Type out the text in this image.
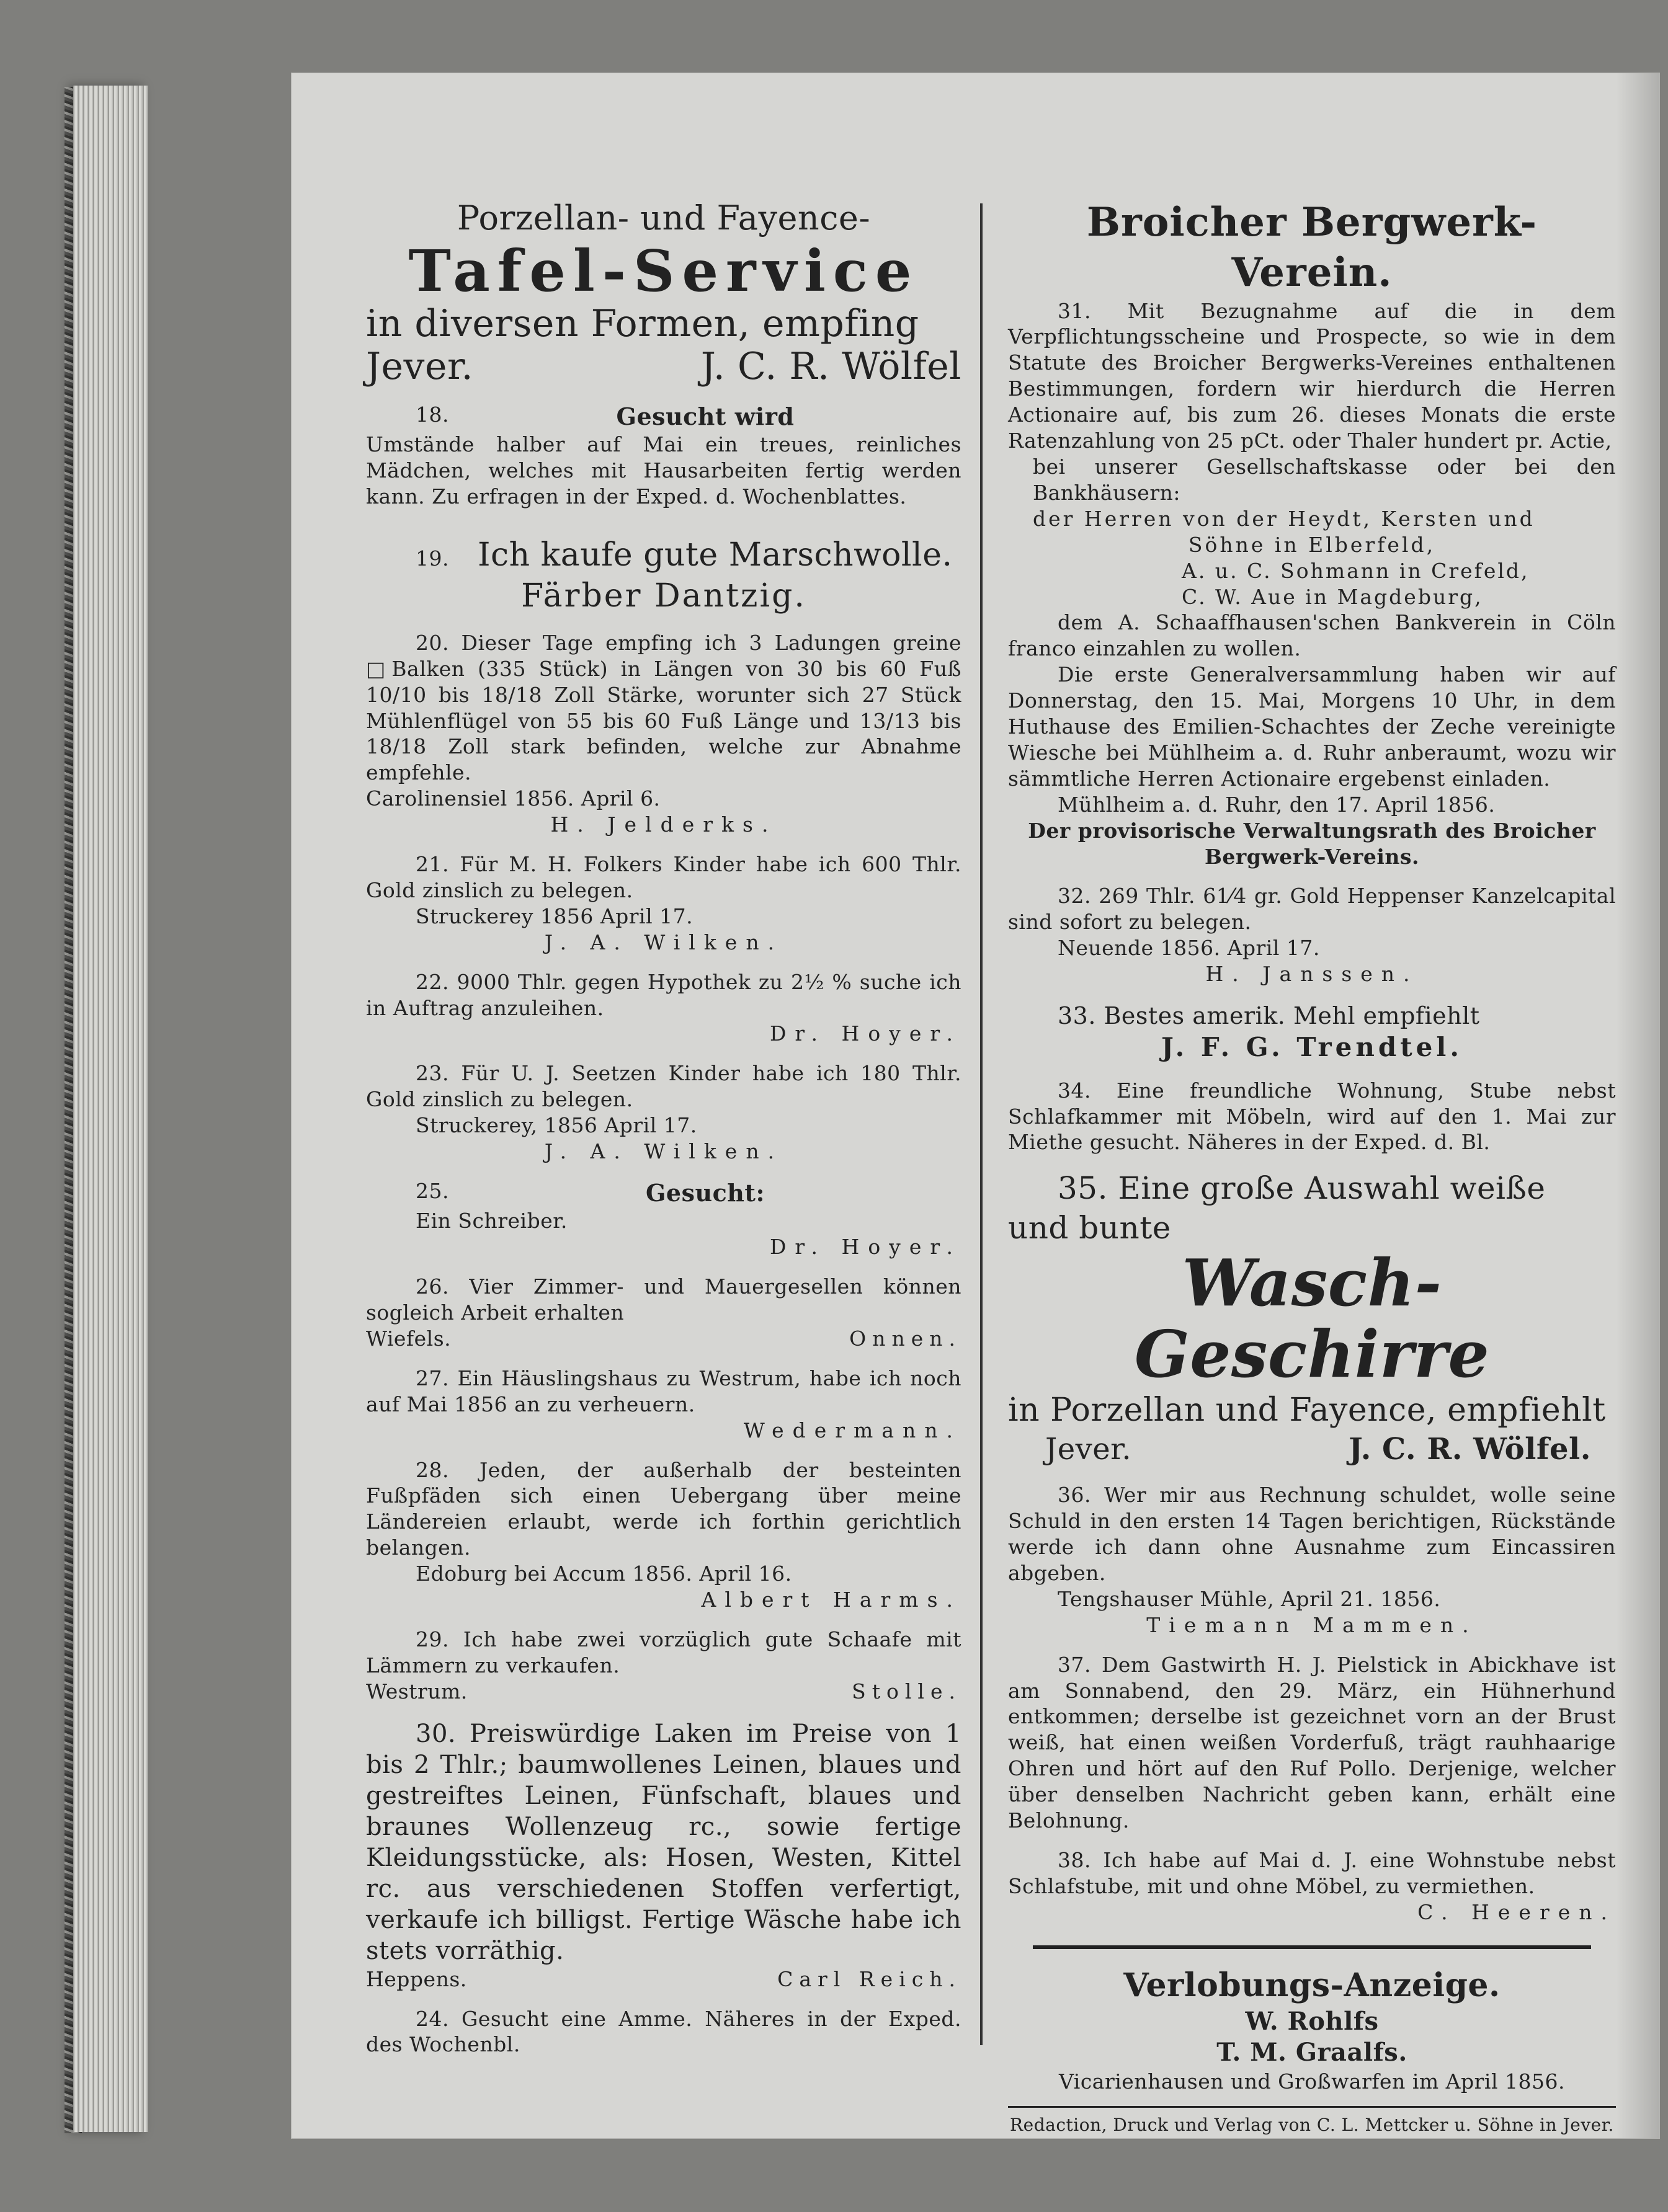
Porzellan- und Fayence-
Tafel-Service
in diversen Formen, empfing
Jever.	J. C. R. Wölfel
18.	Gesucht wird

Umstände halber auf Mai ein treues, reinliches Mädchen, welches mit Hausarbeiten fertig werden kann. Zu erfragen in der Exped. d. Wochenblattes.

19. Ich kaufe gute Marschwolle.
Färber Dantzig.

20. Dieser Tage empfing ich 3 Ladungen greine □Balken (335 Stück) in Längen von 30 bis 60 Fuß 10/10 bis 18/18 Zoll Stärke, worunter sich 27 Stück Mühlenflügel von 55 bis 60 Fuß Länge und 13/13 bis 18/18 Zoll stark befinden, welche zur Abnahme empfehle.

Carolinensiel 1856. April 6.

H. Jelderks.

21. Für M. H. Folkers Kinder habe ich 600 Thlr. Gold zinslich zu belegen.

Struckerey 1856 April 17.

J. A. Wilken.

22. 9000 Thlr. gegen Hypothek zu 2½ % suche ich in Auftrag anzuleihen.

Dr. Hoyer.

23. Für U. J. Seetzen Kinder habe ich 180 Thlr. Gold zinslich zu belegen.

Struckerey, 1856 April 17.

J. A. Wilken.

25.	Gesucht:

Ein Schreiber.

Dr. Hoyer.

26. Vier Zimmer- und Mauergesellen können sogleich Arbeit erhalten

Wiefels.	Onnen.

27. Ein Häuslingshaus zu Westrum, habe ich noch auf Mai 1856 an zu verheuern.

Wedermann.

28. Jeden, der außerhalb der besteinten Fußpfäden sich einen Uebergang über meine Ländereien erlaubt, werde ich forthin gerichtlich belangen.

Edoburg bei Accum 1856. April 16.

Albert Harms.

29. Ich habe zwei vorzüglich gute Schaafe mit Lämmern zu verkaufen.

Westrum.	Stolle.

30. Preiswürdige Laken im Preise von 1 bis 2 Thlr.; baumwollenes Leinen, blaues und gestreiftes Leinen, Fünfschaft, blaues und braunes Wollenzeug rc., sowie fertige Kleidungsstücke, als: Hosen, Westen, Kittel rc. aus verschiedenen Stoffen verfertigt, verkaufe ich billigst. Fertige Wäsche habe ich stets vorräthig.

Heppens.	Carl Reich.

24. Gesucht eine Amme. Näheres in der Exped. des Wochenbl.

Broicher Bergwerk-Verein.

31. Mit Bezugnahme auf die in dem Verpflichtungsscheine und Prospecte, so wie in dem Statute des Broicher Bergwerks-Vereines enthaltenen Bestimmungen, fordern wir hierdurch die Herren Actionaire auf, bis zum 26. dieses Monats die erste Ratenzahlung von 25 pCt. oder Thaler hundert pr. Actie,

bei unserer Gesellschaftskasse oder bei den Bankhäusern:

der Herren von der Heydt, Kersten und

Söhne in Elberfeld,

A. u. C. Sohmann in Crefeld,

C. W. Aue in Magdeburg,

dem A. Schaaffhausen'schen Bankverein in Cöln franco einzahlen zu wollen.

Die erste Generalversammlung haben wir auf Donnerstag, den 15. Mai, Morgens 10 Uhr, in dem Huthause des Emilien-Schachtes der Zeche vereinigte Wiesche bei Mühlheim a. d. Ruhr anberaumt, wozu wir sämmtliche Herren Actionaire ergebenst einladen.

Mühlheim a. d. Ruhr, den 17. April 1856.

Der provisorische Verwaltungsrath des Broicher Bergwerk-Vereins.

32. 269 Thlr. 61⁄4 gr. Gold Heppenser Kanzelcapital sind sofort zu belegen.

Neuende 1856. April 17.

H. Janssen.

33. Bestes amerik. Mehl empfiehlt

J. F. G. Trendtel.

34. Eine freundliche Wohnung, Stube nebst Schlafkammer mit Möbeln, wird auf den 1. Mai zur Miethe gesucht. Näheres in der Exped. d. Bl.

35. Eine große Auswahl weiße

und bunte

Wasch-Geschirre

in Porzellan und Fayence, empfiehlt

Jever.	J. C. R. Wölfel.

36. Wer mir aus Rechnung schuldet, wolle seine Schuld in den ersten 14 Tagen berichtigen, Rückstände werde ich dann ohne Ausnahme zum Eincassiren abgeben.

Tengshauser Mühle, April 21. 1856.

Tiemann Mammen.

37. Dem Gastwirth H. J. Pielstick in Abickhave ist am Sonnabend, den 29. März, ein Hühnerhund entkommen; derselbe ist gezeichnet vorn an der Brust weiß, hat einen weißen Vorderfuß, trägt rauhhaarige Ohren und hört auf den Ruf Pollo. Derjenige, welcher über denselben Nachricht geben kann, erhält eine Belohnung.

38. Ich habe auf Mai d. J. eine Wohnstube nebst Schlafstube, mit und ohne Möbel, zu vermiethen.

C. Heeren.

Verlobungs-Anzeige.
W. Rohlfs
T. M. Graalfs.
Vicarienhausen und Großwarfen im April 1856.
Redaction, Druck und Verlag von C. L. Mettcker u. Söhne in Jever.
